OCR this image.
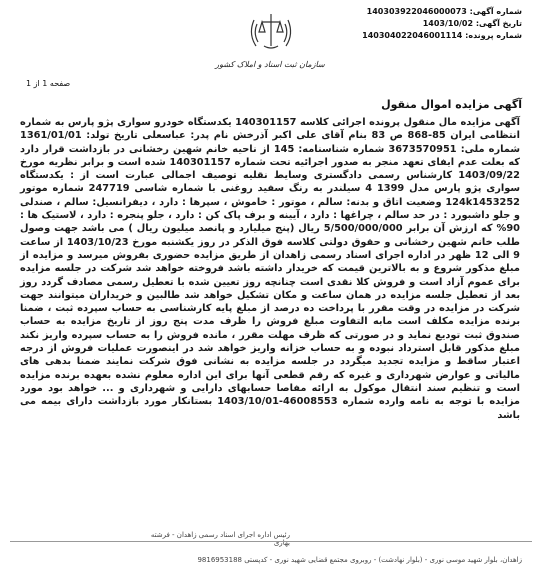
شماره آگهی: 140303922046000073
تاریخ آگهی: 1403/10/02
شماره پرونده: 140304022046001114
سازمان ثبت اسناد و املاک کشور
صفحه 1 از 1
آگهی مزایده اموال منقول
آگهی مزایده مال منقول پرونده اجرائی کلاسه 140301157 یکدستگاه خودرو سواری پژو پارس به شماره انتظامی ایران 85-868 ص 83 بنام آقای علی اکبر آذرخش نام پدر: عباسعلی تاریخ تولد: 1361/01/01 شماره ملی: 3673570951 شماره شناسنامه: 145 از ناحیه خانم شهین رخشانی در بازداشت قرار دارد که بعلت عدم ایفای تعهد منجر به صدور اجرائیه تحت شماره 140301157 شده است و برابر نظریه مورخ 1403/09/22 کارشناس رسمی دادگستری وسایط نقلیه توصیف اجمالی عبارت است از : یکدستگاه سواری پژو پارس مدل 1399 4 سیلندر به رنگ سفید روغنی با شماره شاسی 247719 شماره موتور 124k1453252 وضعیت اتاق و بدنه: سالم ، موتور : خاموش ، سپرها : دارد ، دیفرانسیل: سالم ، صندلی و جلو داشبورد : در حد سالم ، چراغها : دارد ، آیینه و برف پاک کن : دارد ، جلو پنجره : دارد ، لاستیک ها : 90% که ارزش آن برابر 5/500/000/000 ریال (پنج میلیارد و پانصد میلیون ریال ) می باشد جهت وصول طلب خانم شهین رخشانی و حقوق دولتی کلاسه فوق الذکر در روز یکشنبه مورخ 1403/10/23 از ساعت 9 الی 12 ظهر در اداره اجرای اسناد رسمی زاهدان از طریق مزایده حضوری بفروش میرسد و مزایده از مبلغ مذکور شروع و به بالاترین قیمت که خریدار داشته باشد فروخته خواهد شد شرکت در جلسه مزایده برای عموم آزاد است و فروش کلا نقدی است چنانچه روز تعیین شده با تعطیل رسمی مصادف گردد روز بعد از تعطیل جلسه مزایده در همان ساعت و مکان تشکیل خواهد شد طالبین و خریداران میتوانند جهت شرکت در مزایده در وقت مقرر با پرداخت ده درصد از مبلغ پایه کارشناسی به حساب سپرده ثبت ، ضمنا برنده مزایده مکلف است مابه التفاوت مبلغ فروش را ظرف مدت پنج روز از تاریخ مزایده به حساب صندوق ثبت تودیع نماید و در صورتی که ظرف مهلت مقرر ، مانده فروش را به حساب سپرده واریز نکند مبلغ مذکور قابل استرداد نبوده و به حساب خزانه واریز خواهد شد در اینصورت عملیات فروش از درجه اعتبار ساقط و مزایده تجدید میگردد در جلسه مزایده به نشانی فوق شرکت نمایند ضمنا بدهی های مالیاتی و عوارض شهرداری و غیره که رقم قطعی آنها برای این اداره معلوم نشده بعهده برنده مزایده است و تنظیم سند انتقال موکول به ارائه مفاصا حسابهای دارایی و شهرداری و ... خواهد بود مورد مزایده با توجه به نامه وارده شماره 46008553-1403/10/01 بستانکار مورد بازداشت دارای بیمه می باشد
رئیس اداره اجرای اسناد رسمی زاهدان - فرشته بهاری
زاهدان، بلوار شهید موسی نوری - (بلوار نهادشت) - روبروی مجتمع قضایی شهید نوری - کدپستی 9816953188
